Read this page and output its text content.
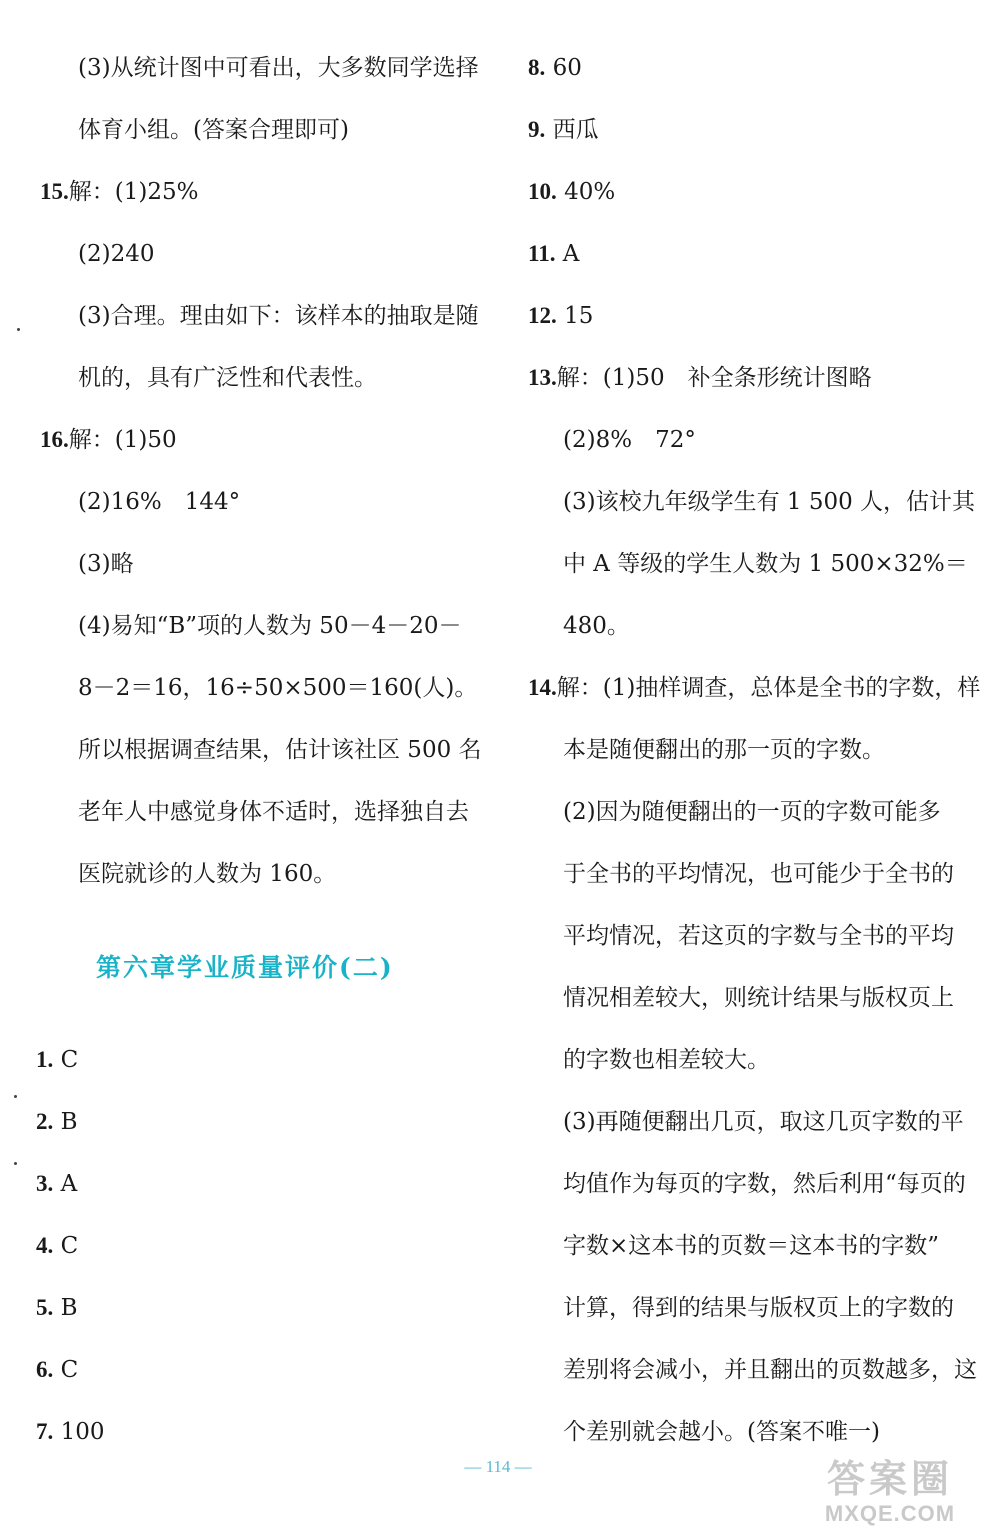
(3)从统计图中可看出，大多数同学选择
体育小组。(答案合理即可)
15.解：(1)25%
(2)240
(3)合理。理由如下：该样本的抽取是随
机的，具有广泛性和代表性。
16.解：(1)50
(2)16%　144°
(3)略
(4)易知“B”项的人数为 50－4－20－
8－2＝16，16÷50×500＝160(人)。
所以根据调查结果，估计该社区 500 名
老年人中感觉身体不适时，选择独自去
医院就诊的人数为 160。
第六章学业质量评价(二)
1. C
2. B
3. A
4. C
5. B
6. C
7. 100
8. 60
9. 西瓜
10. 40%
11. A
12. 15
13.解：(1)50　补全条形统计图略
(2)8%　72°
(3)该校九年级学生有 1 500 人，估计其
中 A 等级的学生人数为 1 500×32%＝
480。
14.解：(1)抽样调查，总体是全书的字数，样
本是随便翻出的那一页的字数。
(2)因为随便翻出的一页的字数可能多
于全书的平均情况，也可能少于全书的
平均情况，若这页的字数与全书的平均
情况相差较大，则统计结果与版权页上
的字数也相差较大。
(3)再随便翻出几页，取这几页字数的平
均值作为每页的字数，然后利用“每页的
字数×这本书的页数＝这本书的字数”
计算，得到的结果与版权页上的字数的
差别将会减小，并且翻出的页数越多，这
个差别就会越小。(答案不唯一)
— 114 —	答案圈
MXQE.COM
